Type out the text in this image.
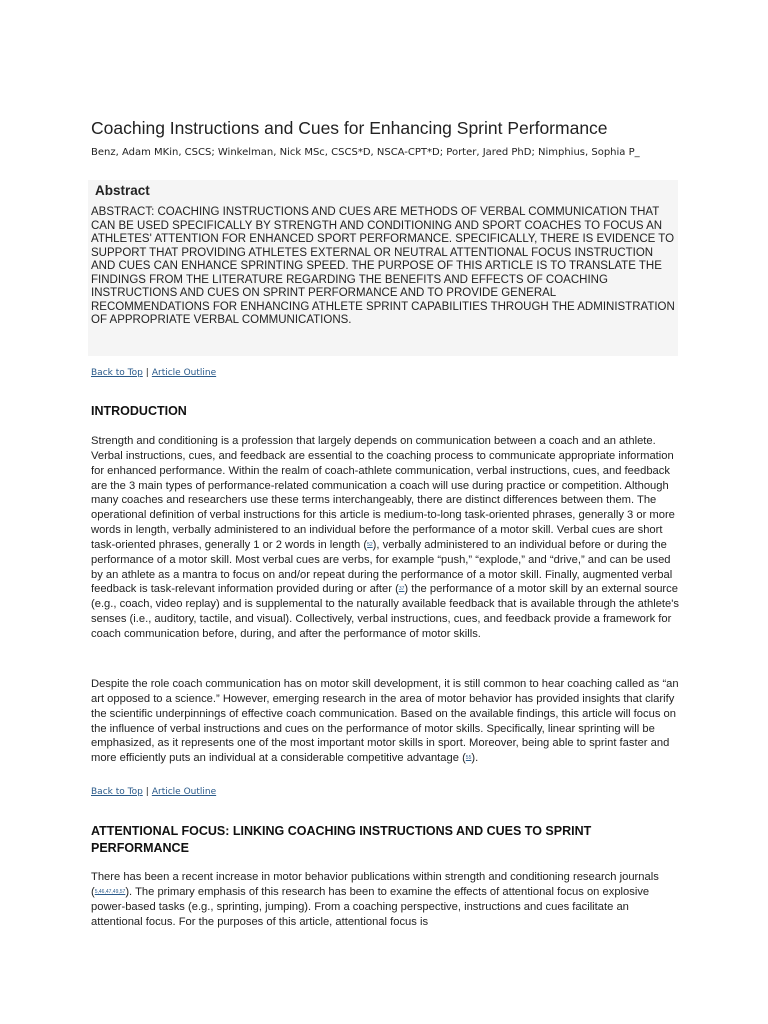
Coaching Instructions and Cues for Enhancing Sprint Performance
Benz, Adam MKin, CSCS; Winkelman, Nick MSc, CSCS*D, NSCA-CPT*D; Porter, Jared PhD; Nimphius, Sophia P_
Abstract

ABSTRACT: COACHING INSTRUCTIONS AND CUES ARE METHODS OF VERBAL COMMUNICATION THAT CAN BE USED SPECIFICALLY BY STRENGTH AND CONDITIONING AND SPORT COACHES TO FOCUS AN ATHLETES' ATTENTION FOR ENHANCED SPORT PERFORMANCE. SPECIFICALLY, THERE IS EVIDENCE TO SUPPORT THAT PROVIDING ATHLETES EXTERNAL OR NEUTRAL ATTENTIONAL FOCUS INSTRUCTION AND CUES CAN ENHANCE SPRINTING SPEED. THE PURPOSE OF THIS ARTICLE IS TO TRANSLATE THE FINDINGS FROM THE LITERATURE REGARDING THE BENEFITS AND EFFECTS OF COACHING INSTRUCTIONS AND CUES ON SPRINT PERFORMANCE AND TO PROVIDE GENERAL RECOMMENDATIONS FOR ENHANCING ATHLETE SPRINT CAPABILITIES THROUGH THE ADMINISTRATION OF APPROPRIATE VERBAL COMMUNICATIONS.

Back to Top | Article Outline
INTRODUCTION

Strength and conditioning is a profession that largely depends on communication between a coach and an athlete. Verbal instructions, cues, and feedback are essential to the coaching process to communicate appropriate information for enhanced performance. Within the realm of coach-athlete communication, verbal instructions, cues, and feedback are the 3 main types of performance-related communication a coach will use during practice or competition. Although many coaches and researchers use these terms interchangeably, there are distinct differences between them. The operational definition of verbal instructions for this article is medium-to-long task-oriented phrases, generally 3 or more words in length, verbally administered to an individual before the performance of a motor skill. Verbal cues are short task-oriented phrases, generally 1 or 2 words in length (52), verbally administered to an individual before or during the performance of a motor skill. Most verbal cues are verbs, for example “push,” “explode,” and “drive,” and can be used by an athlete as a mantra to focus on and/or repeat during the performance of a motor skill. Finally, augmented verbal feedback is task-relevant information provided during or after (37) the performance of a motor skill by an external source (e.g., coach, video replay) and is supplemental to the naturally available feedback that is available through the athlete's senses (i.e., auditory, tactile, and visual). Collectively, verbal instructions, cues, and feedback provide a framework for coach communication before, during, and after the performance of motor skills.

Despite the role coach communication has on motor skill development, it is still common to hear coaching called as “an art opposed to a science.” However, emerging research in the area of motor behavior has provided insights that clarify the scientific underpinnings of effective coach communication. Based on the available findings, this article will focus on the influence of verbal instructions and cues on the performance of motor skills. Specifically, linear sprinting will be emphasized, as it represents one of the most important motor skills in sport. Moreover, being able to sprint faster and more efficiently puts an individual at a considerable competitive advantage (55).

Back to Top | Article Outline
ATTENTIONAL FOCUS: LINKING COACHING INSTRUCTIONS AND CUES TO SPRINT PERFORMANCE

There has been a recent increase in motor behavior publications within strength and conditioning research journals (5,46,47,49,57). The primary emphasis of this research has been to examine the effects of attentional focus on explosive power-based tasks (e.g., sprinting, jumping). From a coaching perspective, instructions and cues facilitate an attentional focus. For the purposes of this article, attentional focus is
